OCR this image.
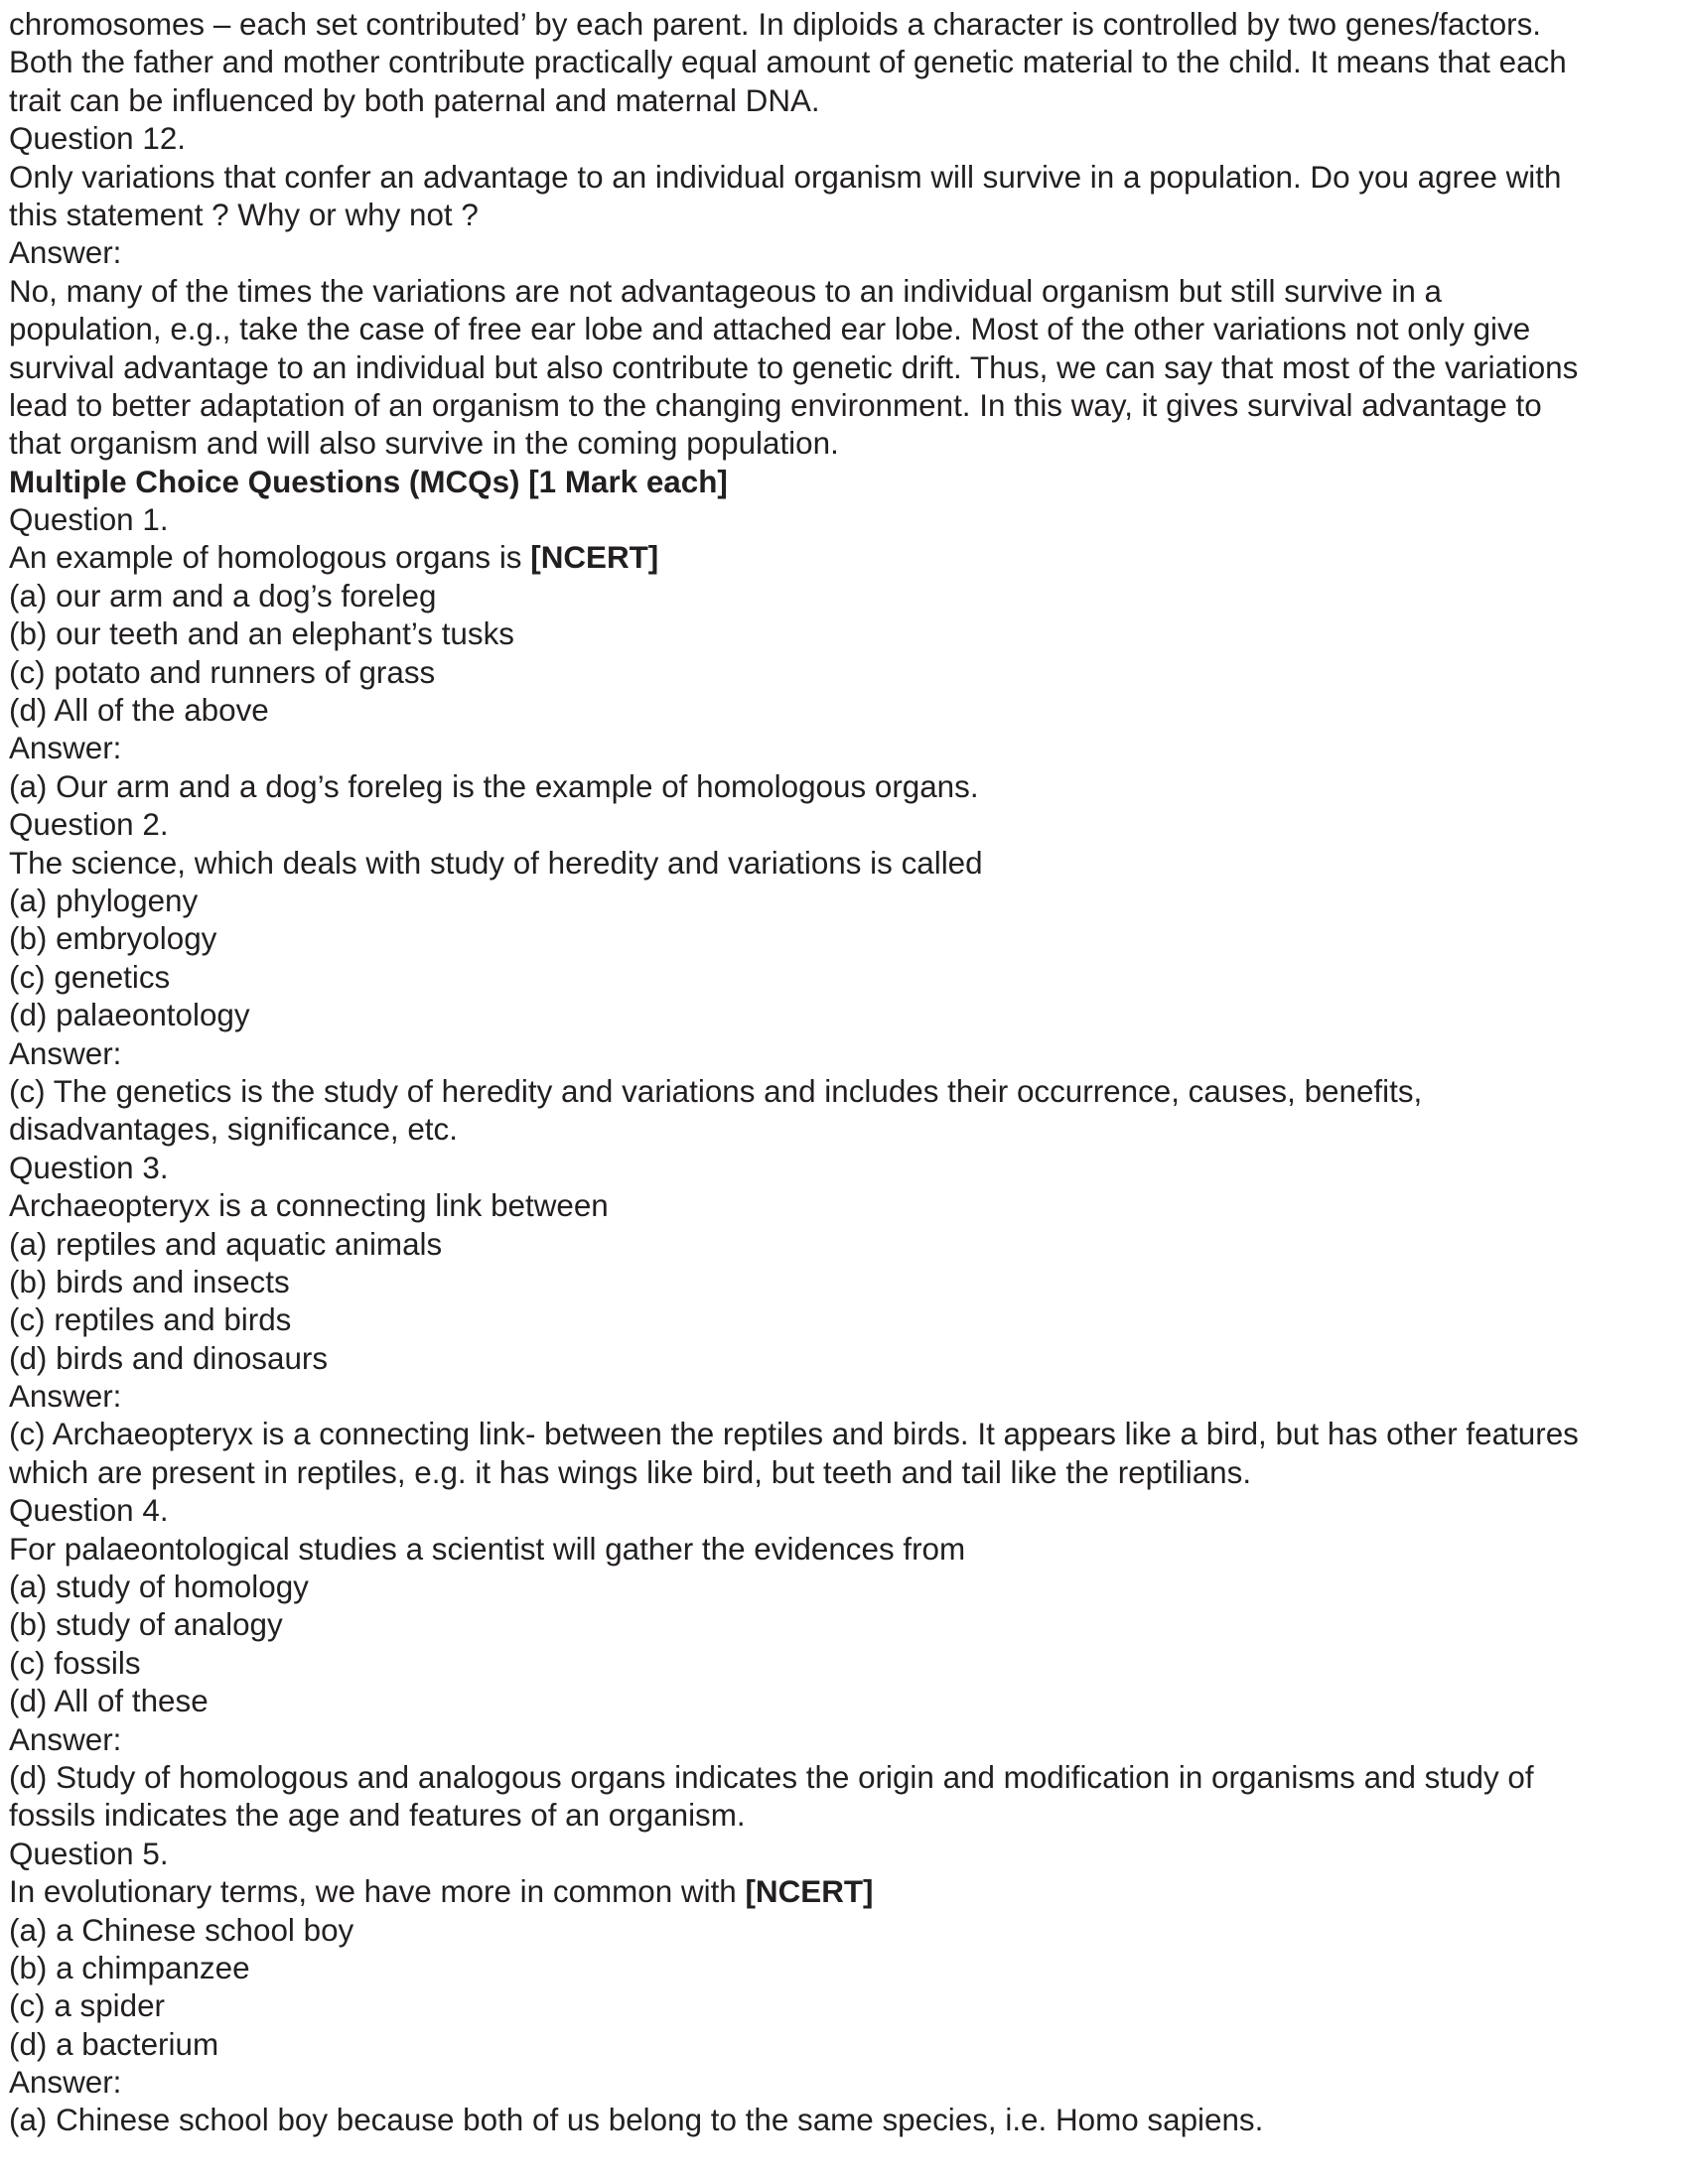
chromosomes – each set contributed’ by each parent. In diploids a character is controlled by two genes/factors.
Both the father and mother contribute practically equal amount of genetic material to the child. It means that each
trait can be influenced by both paternal and maternal DNA.
Question 12.
Only variations that confer an advantage to an individual organism will survive in a population. Do you agree with
this statement ? Why or why not ?
Answer:
No, many of the times the variations are not advantageous to an individual organism but still survive in a
population, e.g., take the case of free ear lobe and attached ear lobe. Most of the other variations not only give
survival advantage to an individual but also contribute to genetic drift. Thus, we can say that most of the variations
lead to better adaptation of an organism to the changing environment. In this way, it gives survival advantage to
that organism and will also survive in the coming population.
Multiple Choice Questions (MCQs) [1 Mark each]
Question 1.
An example of homologous organs is [NCERT]
(a) our arm and a dog’s foreleg
(b) our teeth and an elephant’s tusks
(c) potato and runners of grass
(d) All of the above
Answer:
(a) Our arm and a dog’s foreleg is the example of homologous organs.
Question 2.
The science, which deals with study of heredity and variations is called
(a) phylogeny
(b) embryology
(c) genetics
(d) palaeontology
Answer:
(c) The genetics is the study of heredity and variations and includes their occurrence, causes, benefits,
disadvantages, significance, etc.
Question 3.
Archaeopteryx is a connecting link between
(a) reptiles and aquatic animals
(b) birds and insects
(c) reptiles and birds
(d) birds and dinosaurs
Answer:
(c) Archaeopteryx is a connecting link- between the reptiles and birds. It appears like a bird, but has other features
which are present in reptiles, e.g. it has wings like bird, but teeth and tail like the reptilians.
Question 4.
For palaeontological studies a scientist will gather the evidences from
(a) study of homology
(b) study of analogy
(c) fossils
(d) All of these
Answer:
(d) Study of homologous and analogous organs indicates the origin and modification in organisms and study of
fossils indicates the age and features of an organism.
Question 5.
In evolutionary terms, we have more in common with [NCERT]
(a) a Chinese school boy
(b) a chimpanzee
(c) a spider
(d) a bacterium
Answer:
(a) Chinese school boy because both of us belong to the same species, i.e. Homo sapiens.
